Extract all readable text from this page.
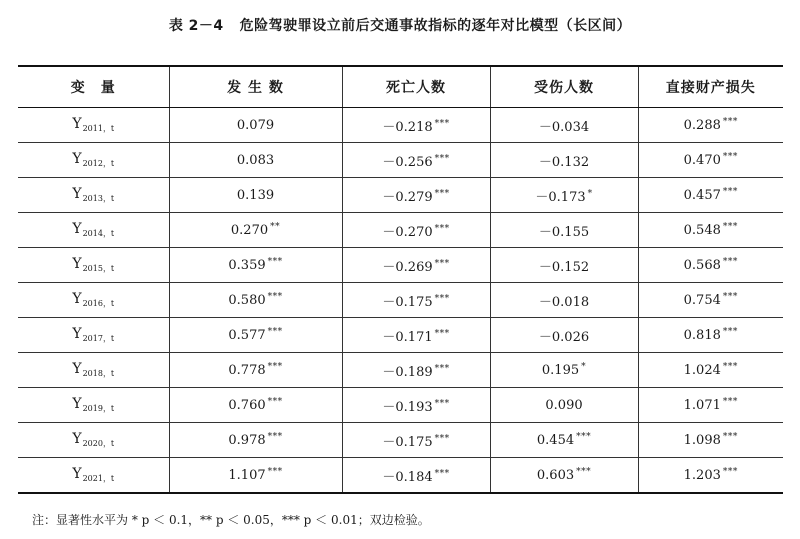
表 2－4 危险驾驶罪设立前后交通事故指标的逐年对比模型（长区间）
变　量	发 生 数	死亡人数	受伤人数	直接财产损失
$Y_{2011,t}$	0.079	－0.218 ***	－0.034	0.288 ***
$Y_{2012,t}$	0.083	－0.256 ***	－0.132	0.470 ***
$Y_{2013,t}$	0.139	－0.279 ***	－0.173 *	0.457 ***
$Y_{2014,t}$	0.270 **	－0.270 ***	－0.155	0.548 ***
$Y_{2015,t}$	0.359 ***	－0.269 ***	－0.152	0.568 ***
$Y_{2016,t}$	0.580 ***	－0.175 ***	－0.018	0.754 ***
$Y_{2017,t}$	0.577 ***	－0.171 ***	－0.026	0.818 ***
$Y_{2018,t}$	0.778 ***	－0.189 ***	0.195 *	1.024 ***
$Y_{2019,t}$	0.760 ***	－0.193 ***	0.090	1.071 ***
$Y_{2020,t}$	0.978 ***	－0.175 ***	0.454 ***	1.098 ***
$Y_{2021,t}$	1.107 ***	－0.184 ***	0.603 ***	1.203 ***
注：显著性水平为 * p ＜ 0.1，** p ＜ 0.05，*** p ＜ 0.01；双边检验。
